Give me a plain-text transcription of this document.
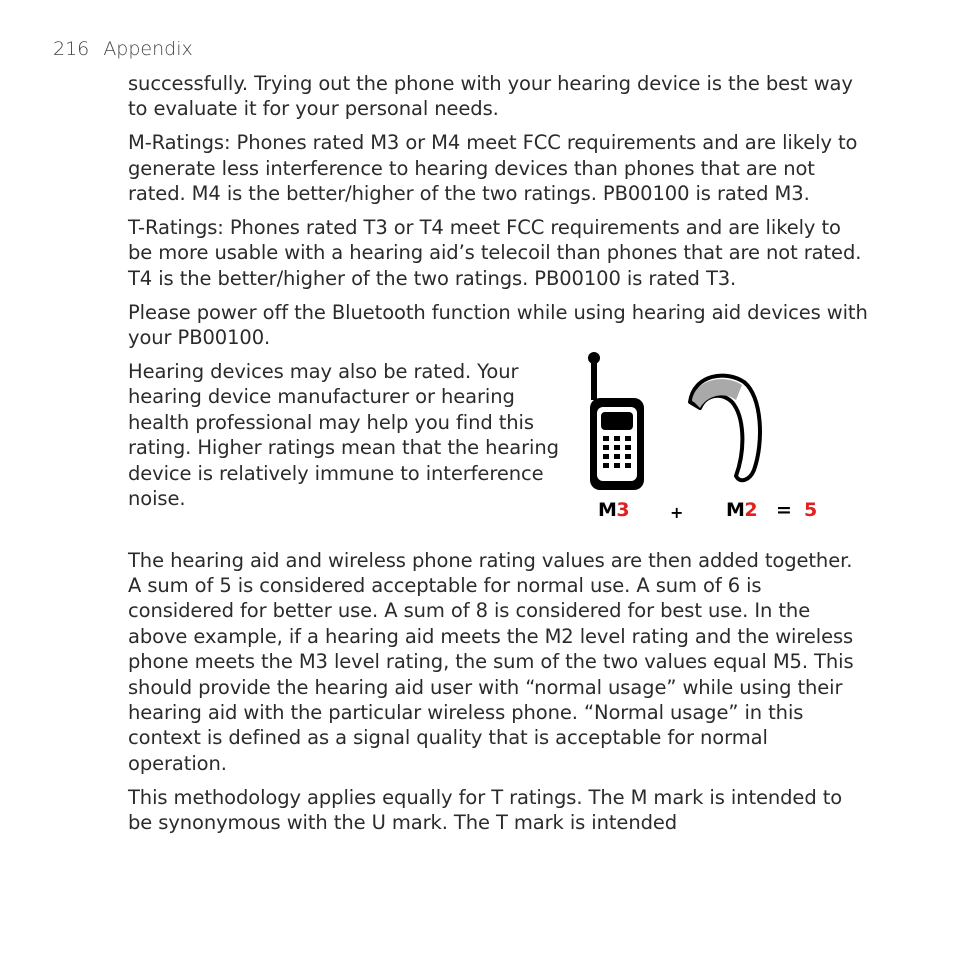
216 Appendix

successfully. Trying out the phone with your hearing device is the best way to evaluate it for your personal needs.

M-Ratings: Phones rated M3 or M4 meet FCC requirements and are likely to generate less interference to hearing devices than phones that are not rated. M4 is the better/higher of the two ratings. PB00100 is rated M3.

T-Ratings: Phones rated T3 or T4 meet FCC requirements and are likely to be more usable with a hearing aid’s telecoil than phones that are not rated. T4 is the better/higher of the two ratings. PB00100 is rated T3.

Please power off the Bluetooth function while using hearing aid devices with your PB00100.

Hearing devices may also be rated. Your hearing device manufacturer or hearing health professional may help you find this rating. Higher ratings mean that the hearing device is relatively immune to interference noise.	M3	+ M2 = 5

The hearing aid and wireless phone rating values are then added together. A sum of 5 is considered acceptable for normal use. A sum of 6 is considered for better use. A sum of 8 is considered for best use. In the above example, if a hearing aid meets the M2 level rating and the wireless phone meets the M3 level rating, the sum of the two values equal M5. This should provide the hearing aid user with “normal usage” while using their hearing aid with the particular wireless phone. “Normal usage” in this context is defined as a signal quality that is acceptable for normal operation.

This methodology applies equally for T ratings. The M mark is intended to be synonymous with the U mark. The T mark is intended
